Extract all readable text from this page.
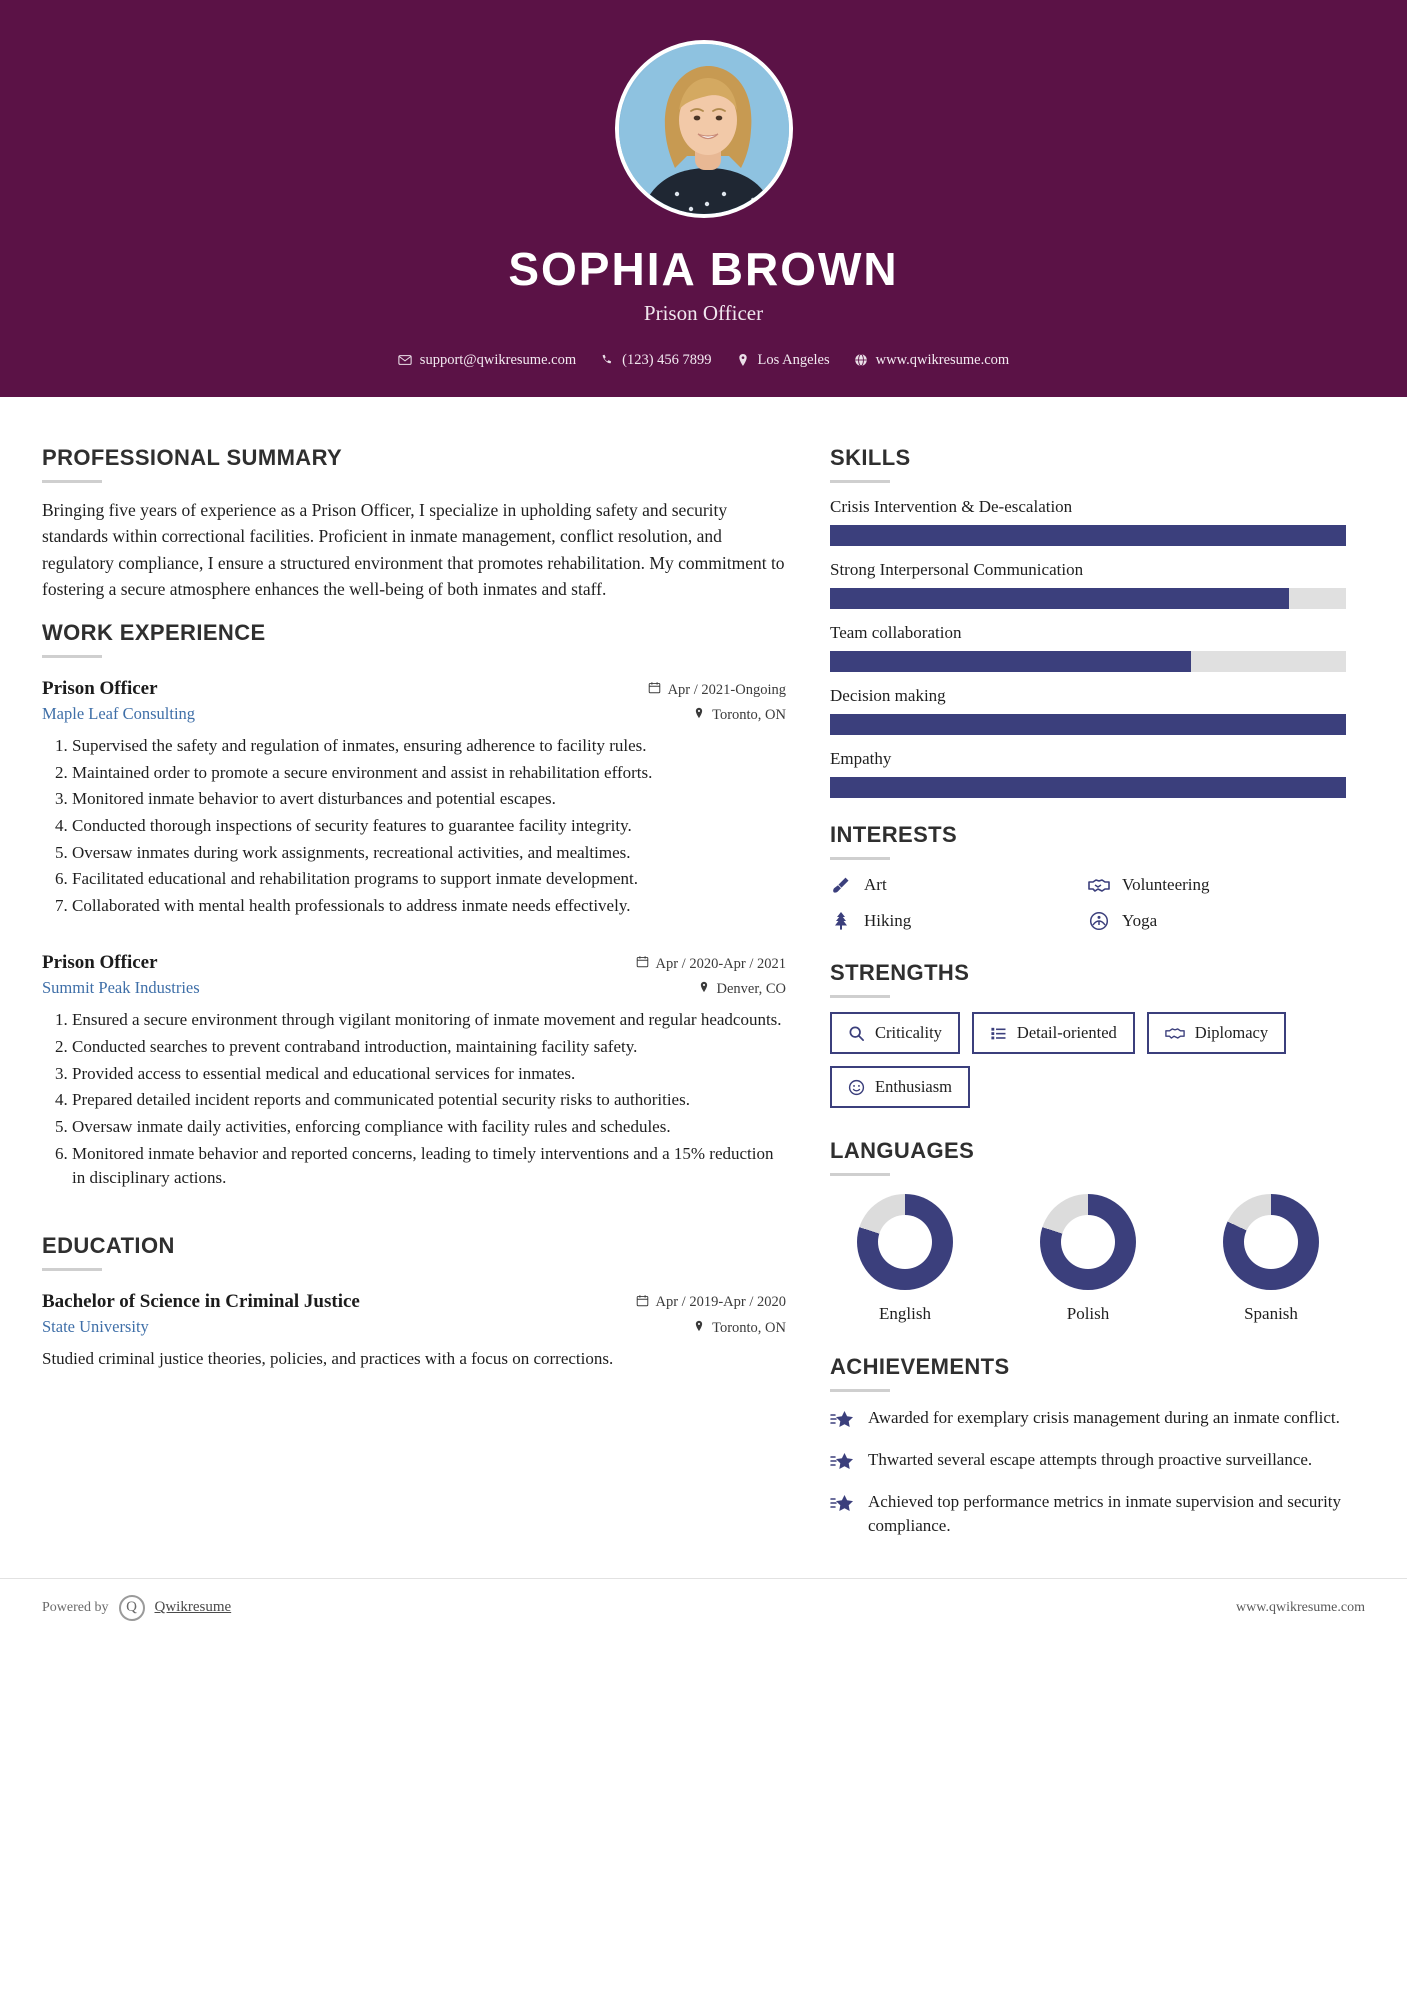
SOPHIA BROWN
Prison Officer
support@qwikresume.com	(123) 456 7899	Los Angeles	www.qwikresume.com
PROFESSIONAL SUMMARY
Bringing five years of experience as a Prison Officer, I specialize in upholding safety and security standards within correctional facilities. Proficient in inmate management, conflict resolution, and regulatory compliance, I ensure a structured environment that promotes rehabilitation. My commitment to fostering a secure atmosphere enhances the well-being of both inmates and staff.
WORK EXPERIENCE
Prison Officer	Apr / 2021-Ongoing
Maple Leaf Consulting	Toronto, ON
1. Supervised the safety and regulation of inmates, ensuring adherence to facility rules.
2. Maintained order to promote a secure environment and assist in rehabilitation efforts.
3. Monitored inmate behavior to avert disturbances and potential escapes.
4. Conducted thorough inspections of security features to guarantee facility integrity.
5. Oversaw inmates during work assignments, recreational activities, and mealtimes.
6. Facilitated educational and rehabilitation programs to support inmate development.
7. Collaborated with mental health professionals to address inmate needs effectively.
Prison Officer	Apr / 2020-Apr / 2021
Summit Peak Industries	Denver, CO
1. Ensured a secure environment through vigilant monitoring of inmate movement and regular headcounts.
2. Conducted searches to prevent contraband introduction, maintaining facility safety.
3. Provided access to essential medical and educational services for inmates.
4. Prepared detailed incident reports and communicated potential security risks to authorities.
5. Oversaw inmate daily activities, enforcing compliance with facility rules and schedules.
6. Monitored inmate behavior and reported concerns, leading to timely interventions and a 15% reduction in disciplinary actions.
EDUCATION
Bachelor of Science in Criminal Justice	Apr / 2019-Apr / 2020
State University	Toronto, ON
Studied criminal justice theories, policies, and practices with a focus on corrections.
SKILLS
Crisis Intervention & De-escalation
Strong Interpersonal Communication
Team collaboration
Decision making
Empathy
INTERESTS
Art	Volunteering
Hiking	Yoga
STRENGTHS
Criticality	Detail-oriented	Diplomacy
Enthusiasm
LANGUAGES
English	Polish	Spanish
ACHIEVEMENTS
Awarded for exemplary crisis management during an inmate conflict.
Thwarted several escape attempts through proactive surveillance.
Achieved top performance metrics in inmate supervision and security compliance.
Powered by	Q	Qwikresume	www.qwikresume.com
